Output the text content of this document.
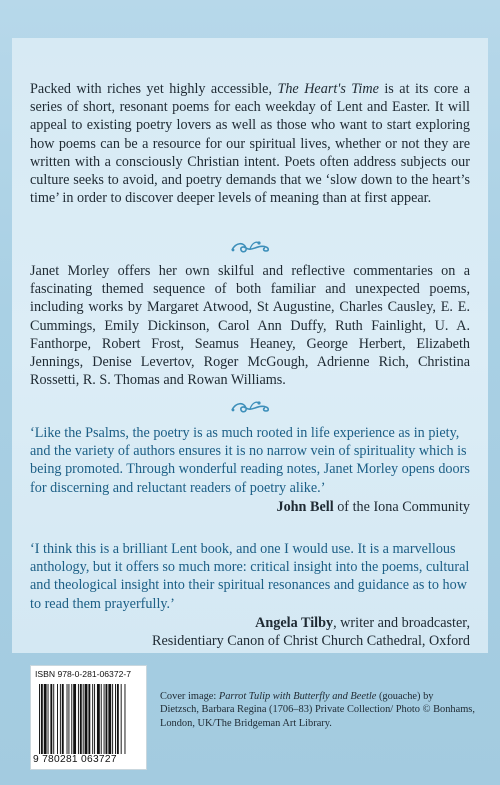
Packed with riches yet highly accessible, The Heart's Time is at its core a series of short, resonant poems for each weekday of Lent and Easter. It will appeal to existing poetry lovers as well as those who want to start exploring how poems can be a resource for our spiritual lives, whether or not they are written with a consciously Christian intent. Poets often address subjects our culture seeks to avoid, and poetry demands that we ‘slow down to the heart’s time’ in order to discover deeper levels of meaning than at first appear.

Janet Morley offers her own skilful and reflective commentaries on a fascinating themed sequence of both familiar and unexpected poems, including works by Margaret Atwood, St Augustine, Charles Causley, E. E. Cummings, Emily Dickinson, Carol Ann Duffy, Ruth Fainlight, U. A. Fanthorpe, Robert Frost, Seamus Heaney, George Herbert, Elizabeth Jennings, Denise Levertov, Roger McGough, Adrienne Rich, Christina Rossetti, R. S. Thomas and Rowan Williams.

‘Like the Psalms, the poetry is as much rooted in life experience as in piety, and the variety of authors ensures it is no narrow vein of spirituality which is being promoted. Through wonderful reading notes, Janet Morley opens doors for discerning and reluctant readers of poetry alike.’

John Bell of the Iona Community

‘I think this is a brilliant Lent book, and one I would use. It is a marvellous anthology, but it offers so much more: critical insight into the poems, cultural and theological insight into their spiritual resonances and guidance as to how to read them prayerfully.’

Angela Tilby, writer and broadcaster,

Residentiary Canon of Christ Church Cathedral, Oxford

ISBN 978-0-281-06372-7
9 780281 063727

Cover image: Parrot Tulip with Butterfly and Beetle (gouache) by Dietzsch, Barbara Regina (1706–83) Private Collection/ Photo © Bonhams, London, UK/The Bridgeman Art Library.
